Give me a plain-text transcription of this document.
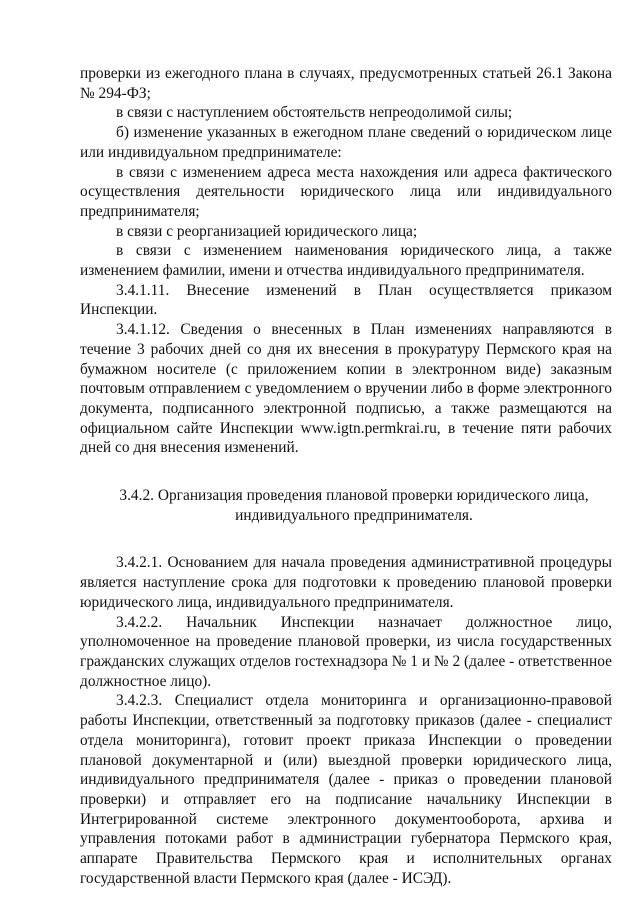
проверки из ежегодного плана в случаях, предусмотренных статьей 26.1 Закона № 294-ФЗ;

в связи с наступлением обстоятельств непреодолимой силы;

б) изменение указанных в ежегодном плане сведений о юридическом лице или индивидуальном предпринимателе:

в связи с изменением адреса места нахождения или адреса фактического осуществления деятельности юридического лица или индивидуального предпринимателя;

в связи с реорганизацией юридического лица;

в связи с изменением наименования юридического лица, а также изменением фамилии, имени и отчества индивидуального предпринимателя.

3.4.1.11. Внесение изменений в План осуществляется приказом Инспекции.

3.4.1.12. Сведения о внесенных в План изменениях направляются в течение 3 рабочих дней со дня их внесения в прокуратуру Пермского края на бумажном носителе (с приложением копии в электронном виде) заказным почтовым отправлением с уведомлением о вручении либо в форме электронного документа, подписанного электронной подписью, а также размещаются на официальном сайте Инспекции www.igtn.permkrai.ru, в течение пяти рабочих дней со дня внесения изменений.

3.4.2. Организация проведения плановой проверки юридического лица, индивидуального предпринимателя.

3.4.2.1. Основанием для начала проведения административной процедуры является наступление срока для подготовки к проведению плановой проверки юридического лица, индивидуального предпринимателя.

3.4.2.2. Начальник Инспекции назначает должностное лицо, уполномоченное на проведение плановой проверки, из числа государственных гражданских служащих отделов гостехнадзора № 1 и № 2 (далее - ответственное должностное лицо).

3.4.2.3. Специалист отдела мониторинга и организационно-правовой работы Инспекции, ответственный за подготовку приказов (далее - специалист отдела мониторинга), готовит проект приказа Инспекции о проведении плановой документарной и (или) выездной проверки юридического лица, индивидуального предпринимателя (далее - приказ о проведении плановой проверки) и отправляет его на подписание начальнику Инспекции в Интегрированной системе электронного документооборота, архива и управления потоками работ в администрации губернатора Пермского края, аппарате Правительства Пермского края и исполнительных органах государственной власти Пермского края (далее - ИСЭД).
